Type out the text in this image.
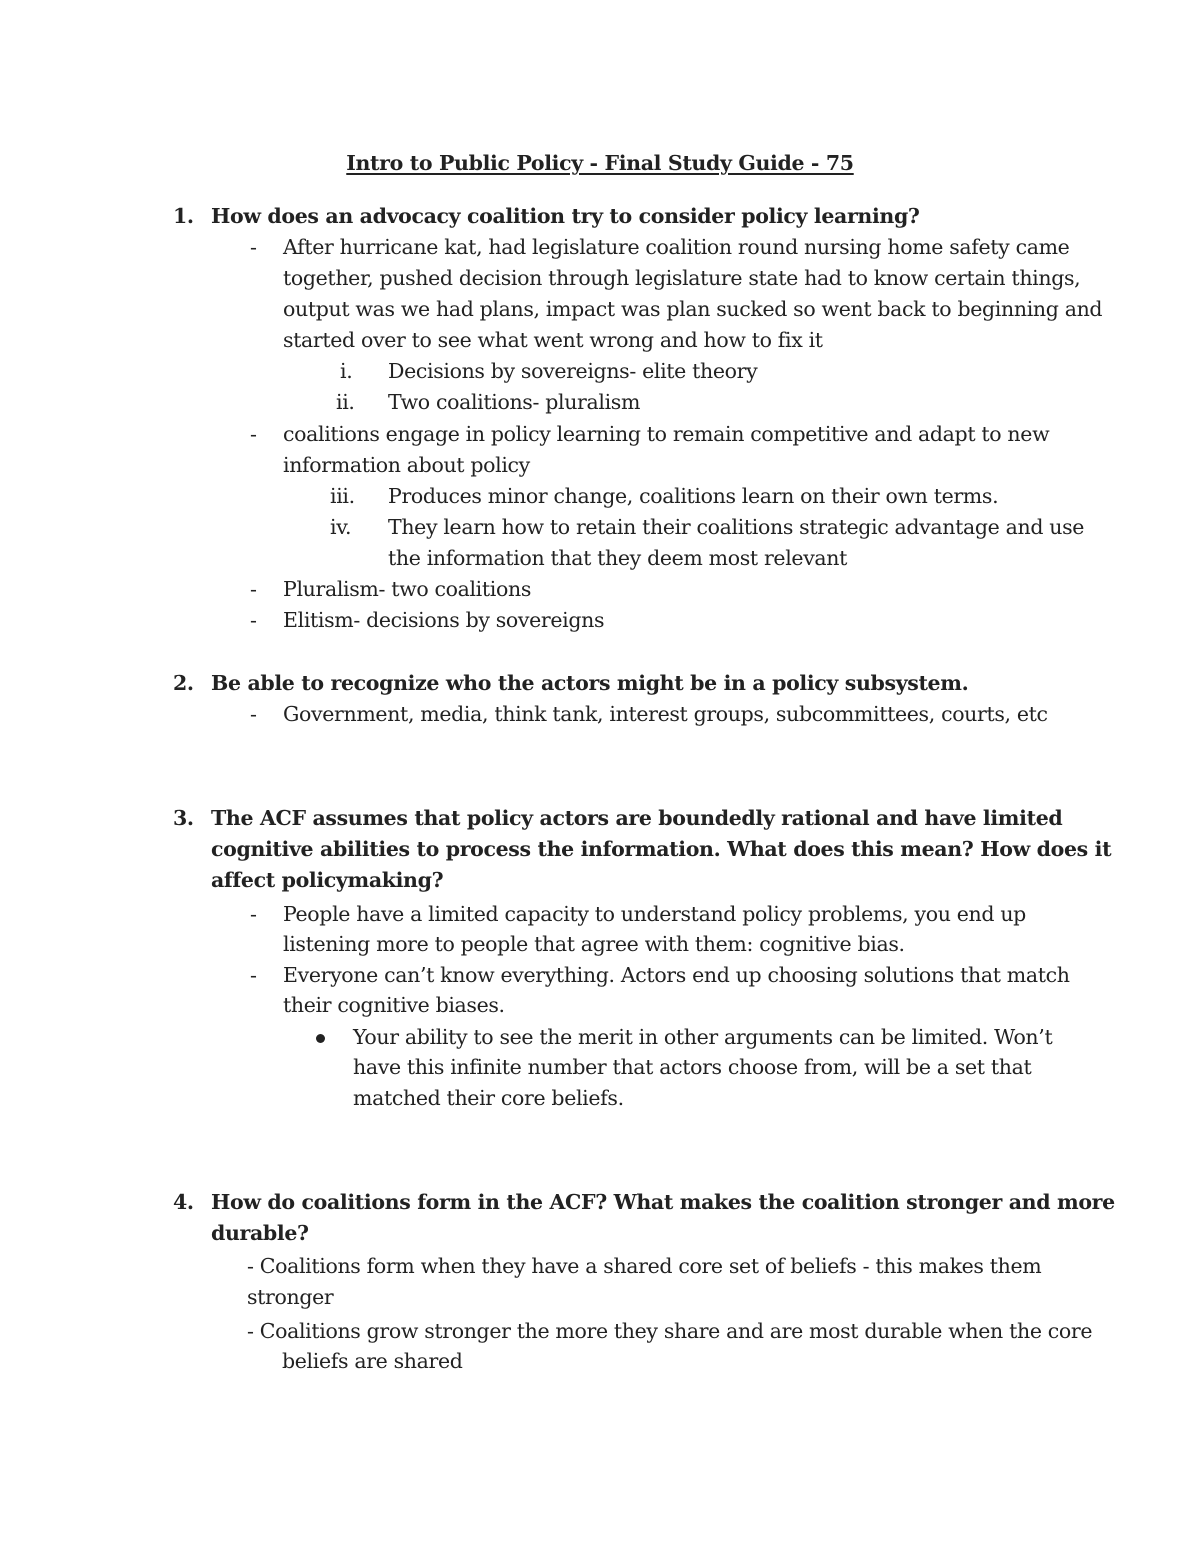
Intro to Public Policy - Final Study Guide - 75
1. How does an advocacy coalition try to consider policy learning?
- After hurricane kat, had legislature coalition round nursing home safety came
together, pushed decision through legislature state had to know certain things,
output was we had plans, impact was plan sucked so went back to beginning and
started over to see what went wrong and how to fix it
i. Decisions by sovereigns- elite theory
ii. Two coalitions- pluralism
- coalitions engage in policy learning to remain competitive and adapt to new
information about policy
iii. Produces minor change, coalitions learn on their own terms.
iv. They learn how to retain their coalitions strategic advantage and use
the information that they deem most relevant
- Pluralism- two coalitions
- Elitism- decisions by sovereigns
2. Be able to recognize who the actors might be in a policy subsystem.
- Government, media, think tank, interest groups, subcommittees, courts, etc
3. The ACF assumes that policy actors are boundedly rational and have limited
cognitive abilities to process the information. What does this mean? How does it
affect policymaking?
- People have a limited capacity to understand policy problems, you end up
listening more to people that agree with them: cognitive bias.
- Everyone can’t know everything. Actors end up choosing solutions that match
their cognitive biases.
Your ability to see the merit in other arguments can be limited. Won’t
have this infinite number that actors choose from, will be a set that
matched their core beliefs.
4. How do coalitions form in the ACF? What makes the coalition stronger and more
durable?
- Coalitions form when they have a shared core set of beliefs - this makes them
stronger
- Coalitions grow stronger the more they share and are most durable when the core
beliefs are shared
